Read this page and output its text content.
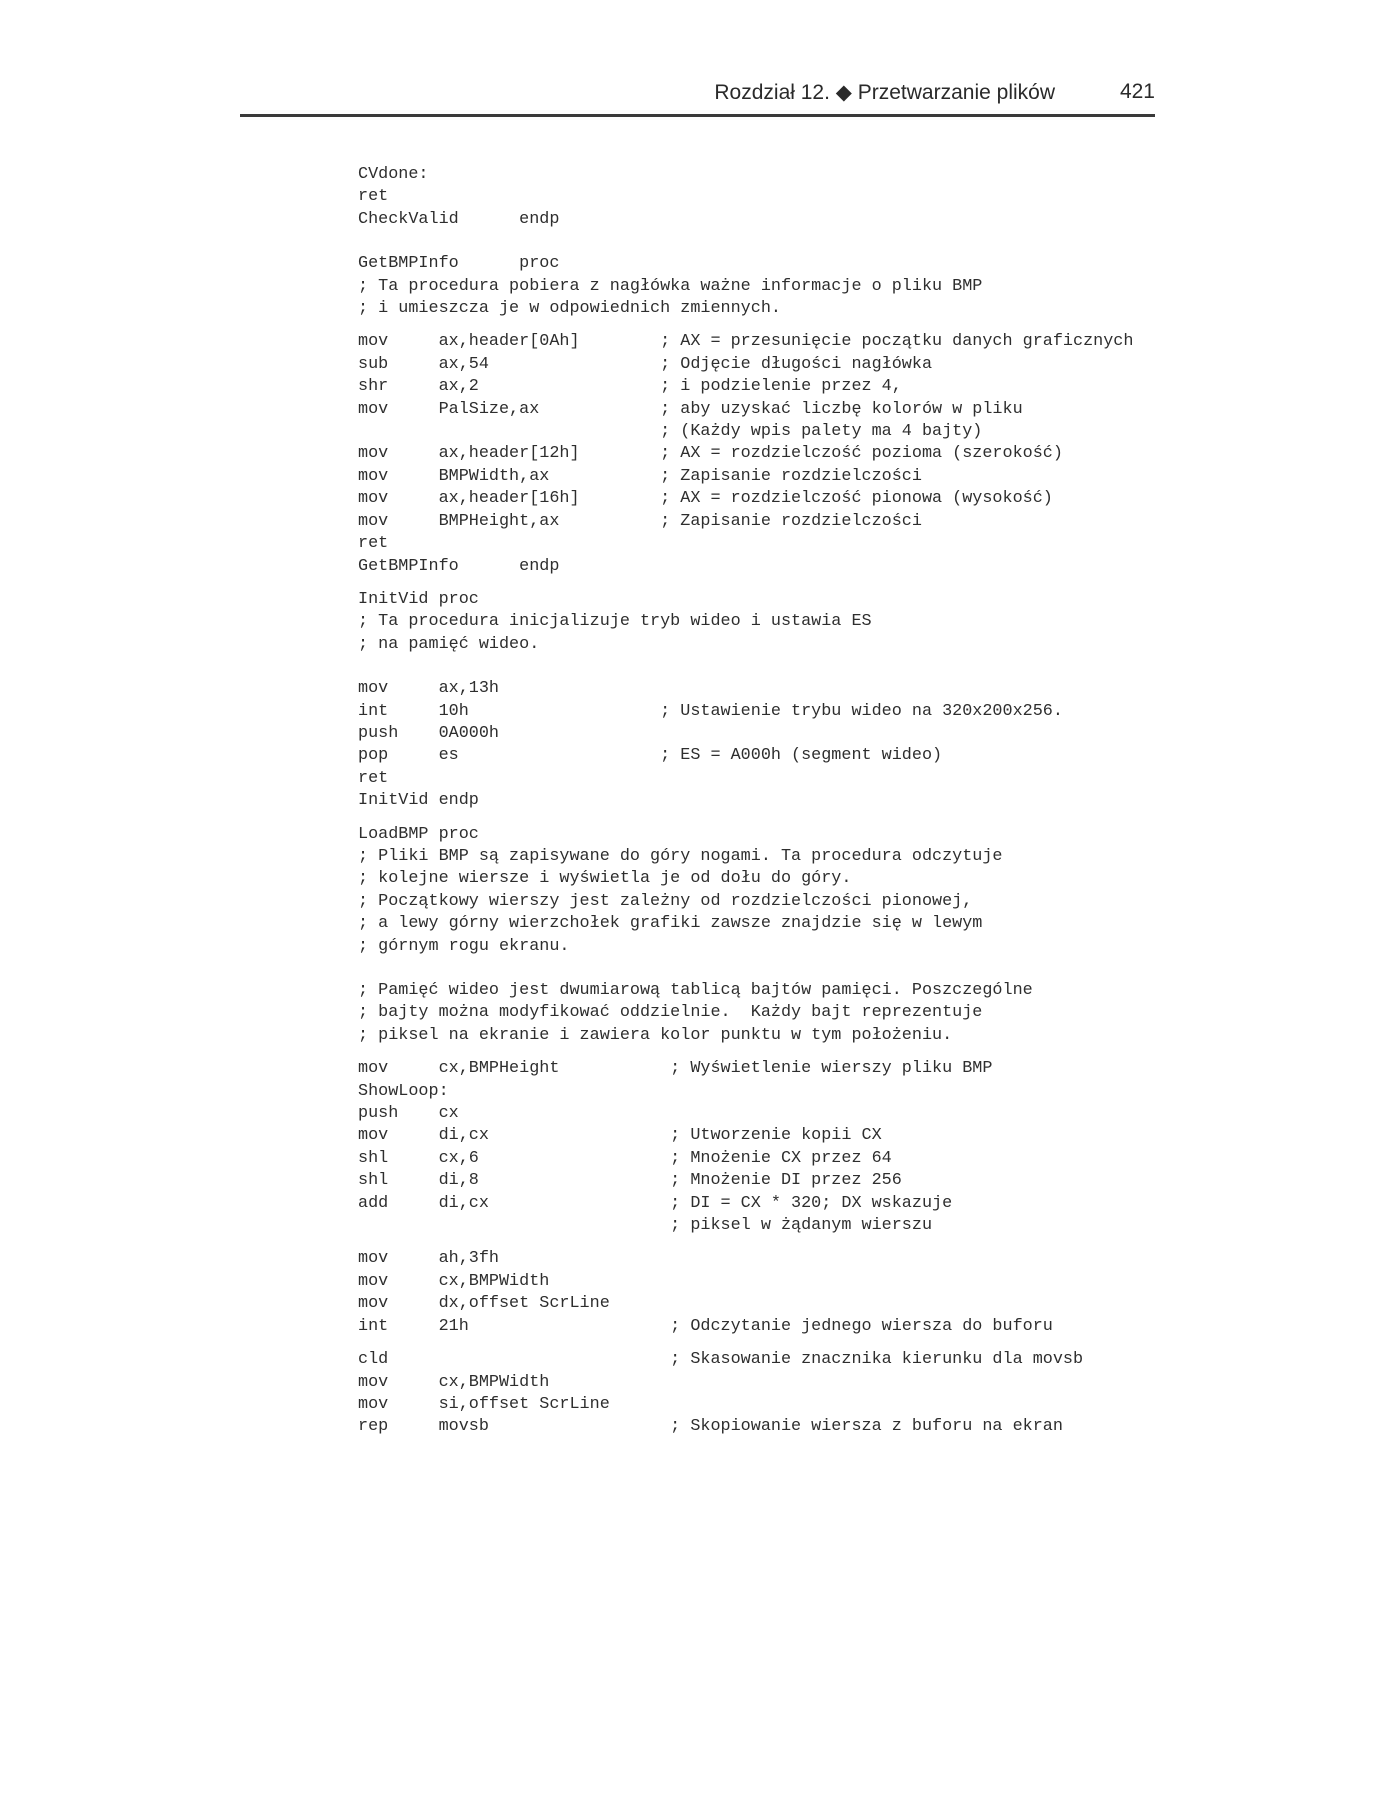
Rozdział 12. ◆ Przetwarzanie plików	421
CVdone:
ret
CheckValid      endp
GetBMPInfo      proc
; Ta procedura pobiera z nagłówka ważne informacje o pliku BMP
; i umieszcza je w odpowiednich zmiennych.
mov     ax,header[0Ah]        ; AX = przesunięcie początku danych graficznych
sub     ax,54                 ; Odjęcie długości nagłówka
shr     ax,2                  ; i podzielenie przez 4,
mov     PalSize,ax            ; aby uzyskać liczbę kolorów w pliku
; (Każdy wpis palety ma 4 bajty)
mov     ax,header[12h]        ; AX = rozdzielczość pozioma (szerokość)
mov     BMPWidth,ax           ; Zapisanie rozdzielczości
mov     ax,header[16h]        ; AX = rozdzielczość pionowa (wysokość)
mov     BMPHeight,ax          ; Zapisanie rozdzielczości
ret
GetBMPInfo      endp
InitVid proc
; Ta procedura inicjalizuje tryb wideo i ustawia ES
; na pamięć wideo.
mov     ax,13h
int     10h                   ; Ustawienie trybu wideo na 320x200x256.
push    0A000h
pop     es                    ; ES = A000h (segment wideo)
ret
InitVid endp
LoadBMP proc
; Pliki BMP są zapisywane do góry nogami. Ta procedura odczytuje
; kolejne wiersze i wyświetla je od dołu do góry.
; Początkowy wierszy jest zależny od rozdzielczości pionowej,
; a lewy górny wierzchołek grafiki zawsze znajdzie się w lewym
; górnym rogu ekranu.
; Pamięć wideo jest dwumiarową tablicą bajtów pamięci. Poszczególne
; bajty można modyfikować oddzielnie.  Każdy bajt reprezentuje
; piksel na ekranie i zawiera kolor punktu w tym położeniu.
mov     cx,BMPHeight           ; Wyświetlenie wierszy pliku BMP
ShowLoop:
push    cx
mov     di,cx                  ; Utworzenie kopii CX
shl     cx,6                   ; Mnożenie CX przez 64
shl     di,8                   ; Mnożenie DI przez 256
add     di,cx                  ; DI = CX * 320; DX wskazuje
; piksel w żądanym wierszu
mov     ah,3fh
mov     cx,BMPWidth
mov     dx,offset ScrLine
int     21h                    ; Odczytanie jednego wiersza do buforu
cld                            ; Skasowanie znacznika kierunku dla movsb
mov     cx,BMPWidth
mov     si,offset ScrLine
rep     movsb                  ; Skopiowanie wiersza z buforu na ekran
